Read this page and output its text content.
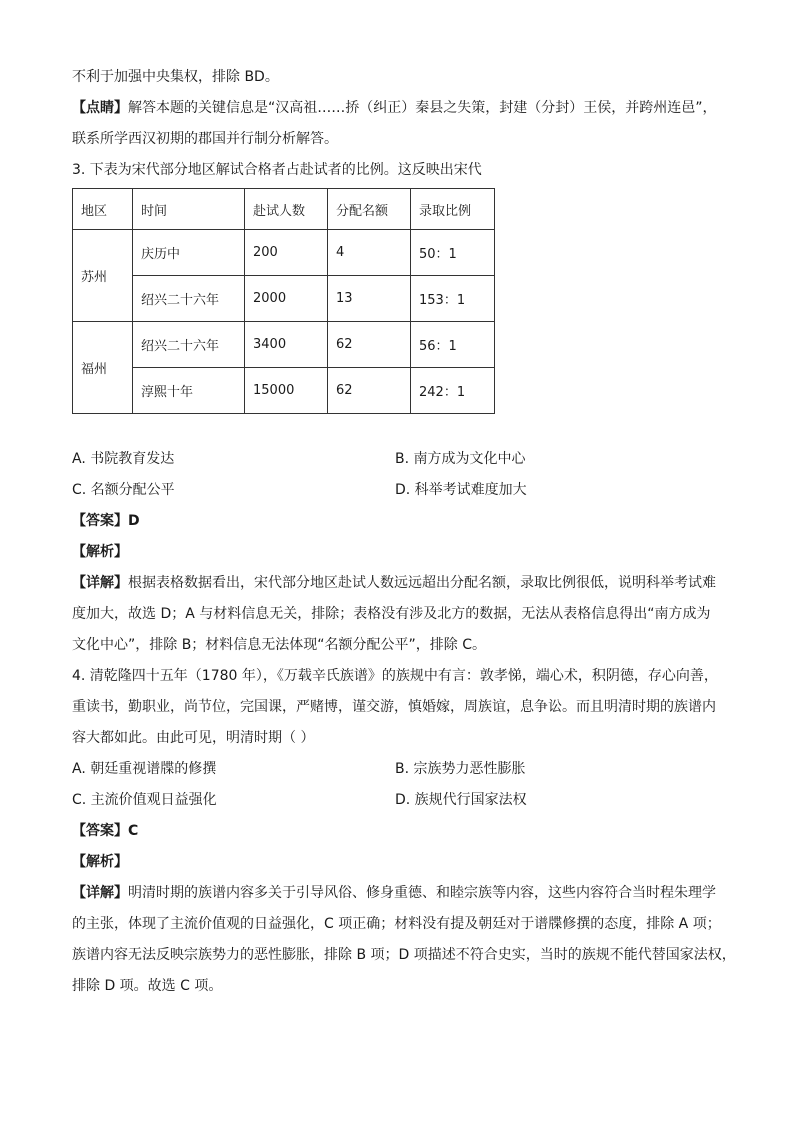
不利于加强中央集权，排除 BD。
【点睛】解答本题的关键信息是“汉高祖……挢（纠正）秦县之失策，封建（分封）王侯，并跨州连邑”，
联系所学西汉初期的郡国并行制分析解答。
3. 下表为宋代部分地区解试合格者占赴试者的比例。这反映出宋代
地区	时间	赴试人数	分配名额	录取比例
苏州	庆历中	200	4	50：1
	绍兴二十六年	2000	13	153：1
福州	绍兴二十六年	3400	62	56：1
	淳熙十年	15000	62	242：1
A. 书院教育发达	B. 南方成为文化中心
C. 名额分配公平	D. 科举考试难度加大
【答案】D
【解析】
【详解】根据表格数据看出，宋代部分地区赴试人数远远超出分配名额，录取比例很低，说明科举考试难
度加大，故选 D；A 与材料信息无关，排除；表格没有涉及北方的数据，无法从表格信息得出“南方成为
文化中心”，排除 B；材料信息无法体现“名额分配公平”，排除 C。
4. 清乾隆四十五年（1780 年），《万载辛氏族谱》的族规中有言：敦孝悌，端心术，积阴德，存心向善，
重读书，勤职业，尚节位，完国课，严赌博，谨交游，慎婚嫁，周族谊，息争讼。而且明清时期的族谱内
容大都如此。由此可见，明清时期（ ）
A. 朝廷重视谱牒的修撰	B. 宗族势力恶性膨胀
C. 主流价值观日益强化	D. 族规代行国家法权
【答案】C
【解析】
【详解】明清时期的族谱内容多关于引导风俗、修身重德、和睦宗族等内容，这些内容符合当时程朱理学
的主张，体现了主流价值观的日益强化，C 项正确；材料没有提及朝廷对于谱牒修撰的态度，排除 A 项；
族谱内容无法反映宗族势力的恶性膨胀，排除 B 项；D 项描述不符合史实，当时的族规不能代替国家法权，
排除 D 项。故选 C 项。
